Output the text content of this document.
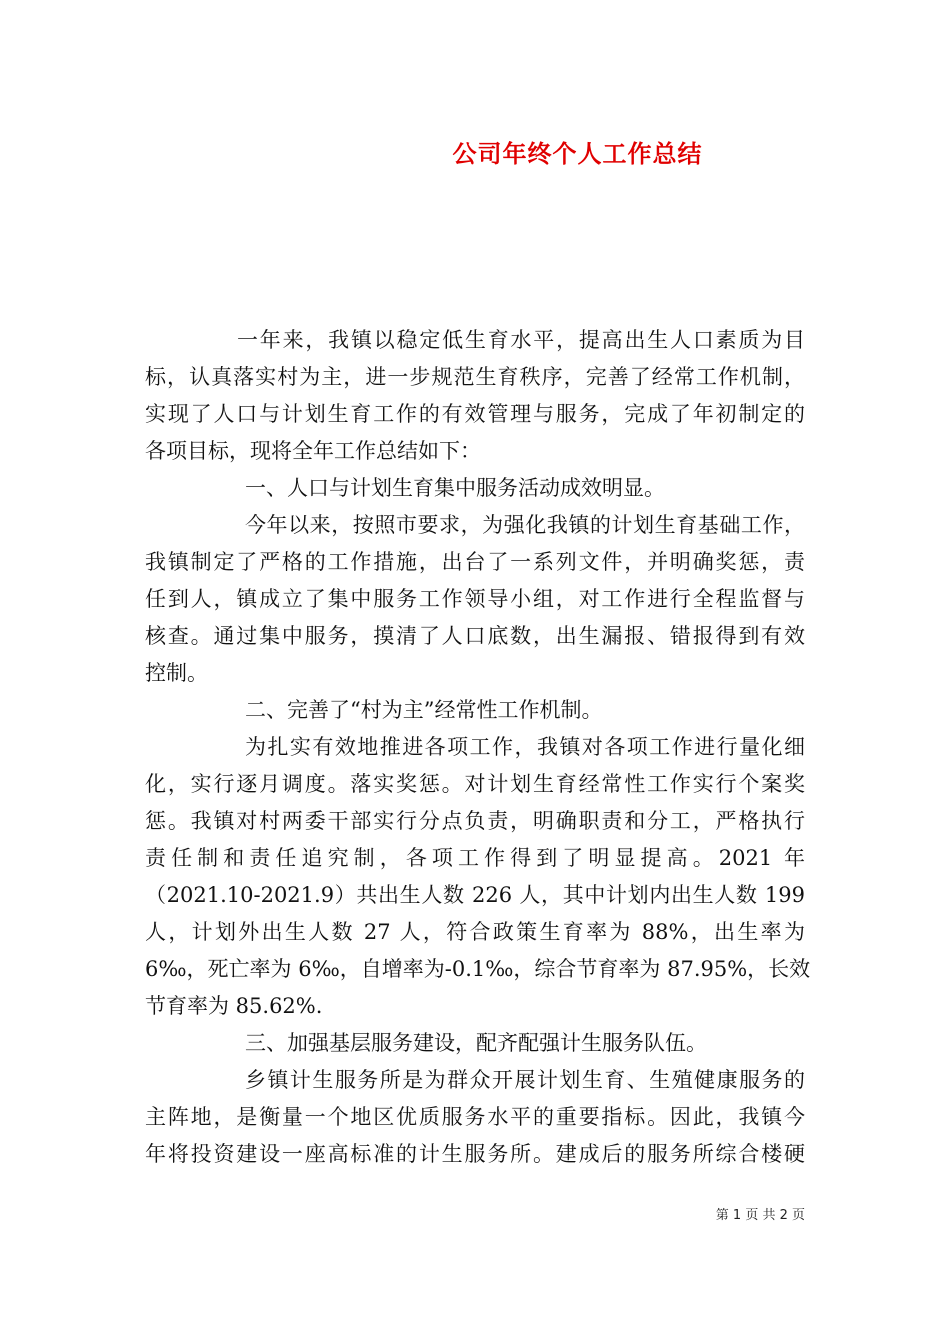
公司年终个人工作总结
一年来，我镇以稳定低生育水平，提高出生人口素质为目
标，认真落实村为主，进一步规范生育秩序，完善了经常工作机制，
实现了人口与计划生育工作的有效管理与服务，完成了年初制定的
各项目标，现将全年工作总结如下：
一、人口与计划生育集中服务活动成效明显。
今年以来，按照市要求，为强化我镇的计划生育基础工作，
我镇制定了严格的工作措施，出台了一系列文件，并明确奖惩，责
任到人，镇成立了集中服务工作领导小组，对工作进行全程监督与
核查。通过集中服务，摸清了人口底数，出生漏报、错报得到有效
控制。
二、完善了“村为主”经常性工作机制。
为扎实有效地推进各项工作，我镇对各项工作进行量化细
化，实行逐月调度。落实奖惩。对计划生育经常性工作实行个案奖
惩。我镇对村两委干部实行分点负责，明确职责和分工，严格执行
责任制和责任追究制，各项工作得到了明显提高。2021 年
（2021.10-2021.9）共出生人数 226 人，其中计划内出生人数 199
人，计划外出生人数 27 人，符合政策生育率为 88%，出生率为
6‰，死亡率为 6‰，自增率为-0.1‰，综合节育率为 87.95%，长效
节育率为 85.62%.
三、加强基层服务建设，配齐配强计生服务队伍。
乡镇计生服务所是为群众开展计划生育、生殖健康服务的
主阵地，是衡量一个地区优质服务水平的重要指标。因此，我镇今
年将投资建设一座高标准的计生服务所。建成后的服务所综合楼硬
第 1 页 共 2 页
